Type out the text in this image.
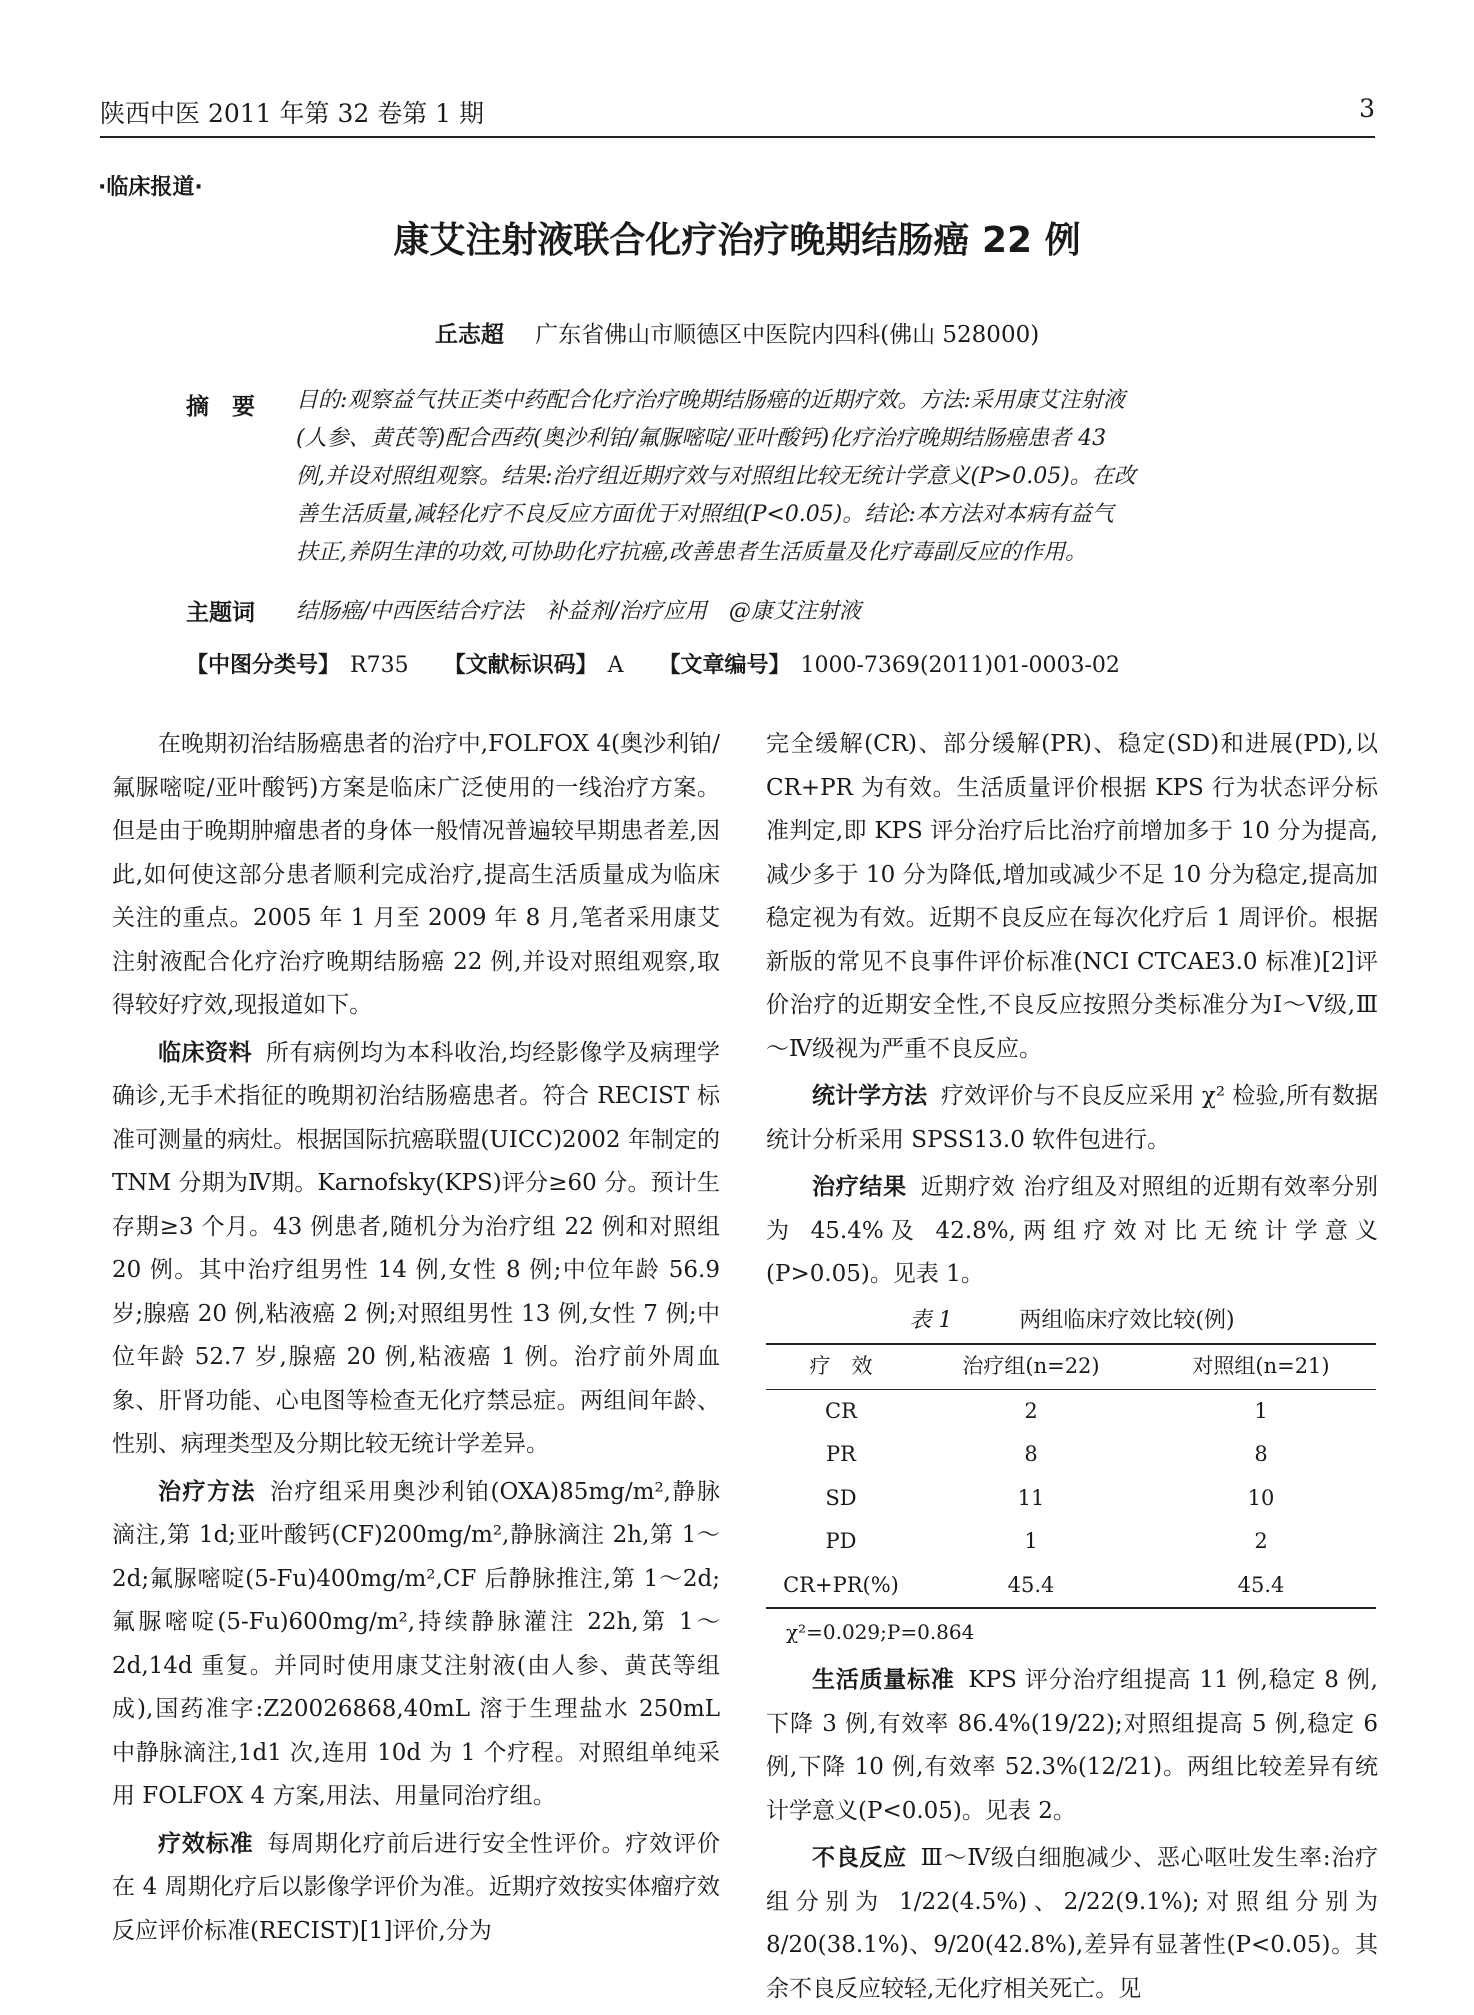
陕西中医 2011 年第 32 卷第 1 期	3
·临床报道·
康艾注射液联合化疗治疗晚期结肠癌 22 例
丘志超 广东省佛山市顺德区中医院内四科(佛山 528000)
摘　要 目的:观察益气扶正类中药配合化疗治疗晚期结肠癌的近期疗效。方法:采用康艾注射液
(人参、黄芪等)配合西药(奥沙利铂/氟脲嘧啶/亚叶酸钙)化疗治疗晚期结肠癌患者 43
例,并设对照组观察。结果:治疗组近期疗效与对照组比较无统计学意义(P>0.05)。在改
善生活质量,减轻化疗不良反应方面优于对照组(P<0.05)。结论:本方法对本病有益气
扶正,养阴生津的功效,可协助化疗抗癌,改善患者生活质量及化疗毒副反应的作用。
主题词 结肠癌/中西医结合疗法　补益剂/治疗应用　@康艾注射液
【中图分类号】 R735 【文献标识码】 A 【文章编号】 1000-7369(2011)01-0003-02

在晚期初治结肠癌患者的治疗中,FOLFOX 4(奥沙利铂/氟脲嘧啶/亚叶酸钙)方案是临床广泛使用的一线治疗方案。但是由于晚期肿瘤患者的身体一般情况普遍较早期患者差,因此,如何使这部分患者顺利完成治疗,提高生活质量成为临床关注的重点。2005 年 1 月至 2009 年 8 月,笔者采用康艾注射液配合化疗治疗晚期结肠癌 22 例,并设对照组观察,取得较好疗效,现报道如下。

临床资料 所有病例均为本科收治,均经影像学及病理学确诊,无手术指征的晚期初治结肠癌患者。符合 RECIST 标准可测量的病灶。根据国际抗癌联盟(UICC)2002 年制定的 TNM 分期为Ⅳ期。Karnofsky(KPS)评分≥60 分。预计生存期≥3 个月。43 例患者,随机分为治疗组 22 例和对照组 20 例。其中治疗组男性 14 例,女性 8 例;中位年龄 56.9 岁;腺癌 20 例,粘液癌 2 例;对照组男性 13 例,女性 7 例;中位年龄 52.7 岁,腺癌 20 例,粘液癌 1 例。治疗前外周血象、肝肾功能、心电图等检查无化疗禁忌症。两组间年龄、性别、病理类型及分期比较无统计学差异。

治疗方法 治疗组采用奥沙利铂(OXA)85mg/m²,静脉滴注,第 1d;亚叶酸钙(CF)200mg/m²,静脉滴注 2h,第 1～2d;氟脲嘧啶(5-Fu)400mg/m²,CF 后静脉推注,第 1～2d;氟脲嘧啶(5-Fu)600mg/m²,持续静脉灌注 22h,第 1～2d,14d 重复。并同时使用康艾注射液(由人参、黄芪等组成),国药准字:Z20026868,40mL 溶于生理盐水 250mL 中静脉滴注,1d1 次,连用 10d 为 1 个疗程。对照组单纯采用 FOLFOX 4 方案,用法、用量同治疗组。

疗效标准 每周期化疗前后进行安全性评价。疗效评价在 4 周期化疗后以影像学评价为准。近期疗效按实体瘤疗效反应评价标准(RECIST)[1]评价,分为

完全缓解(CR)、部分缓解(PR)、稳定(SD)和进展(PD),以 CR+PR 为有效。生活质量评价根据 KPS 行为状态评分标准判定,即 KPS 评分治疗后比治疗前增加多于 10 分为提高,减少多于 10 分为降低,增加或减少不足 10 分为稳定,提高加稳定视为有效。近期不良反应在每次化疗后 1 周评价。根据新版的常见不良事件评价标准(NCI CTCAE3.0 标准)[2]评价治疗的近期安全性,不良反应按照分类标准分为Ⅰ～Ⅴ级,Ⅲ～Ⅳ级视为严重不良反应。

统计学方法 疗效评价与不良反应采用 χ² 检验,所有数据统计分析采用 SPSS13.0 软件包进行。

治疗结果 近期疗效 治疗组及对照组的近期有效率分别为 45.4%及 42.8%,两组疗效对比无统计学意义(P>0.05)。见表 1。

表 1	两组临床疗效比较(例)
疗　效	治疗组(n=22)	对照组(n=21)
CR	2	1
PR	8	8
SD	11	10
PD	1	2
CR+PR(%)	45.4	45.4
χ²=0.029;P=0.864

生活质量标准 KPS 评分治疗组提高 11 例,稳定 8 例,下降 3 例,有效率 86.4%(19/22);对照组提高 5 例,稳定 6 例,下降 10 例,有效率 52.3%(12/21)。两组比较差异有统计学意义(P<0.05)。见表 2。

不良反应 Ⅲ～Ⅳ级白细胞减少、恶心呕吐发生率:治疗组分别为 1/22(4.5%)、2/22(9.1%);对照组分别为 8/20(38.1%)、9/20(42.8%),差异有显著性(P<0.05)。其余不良反应较轻,无化疗相关死亡。见
